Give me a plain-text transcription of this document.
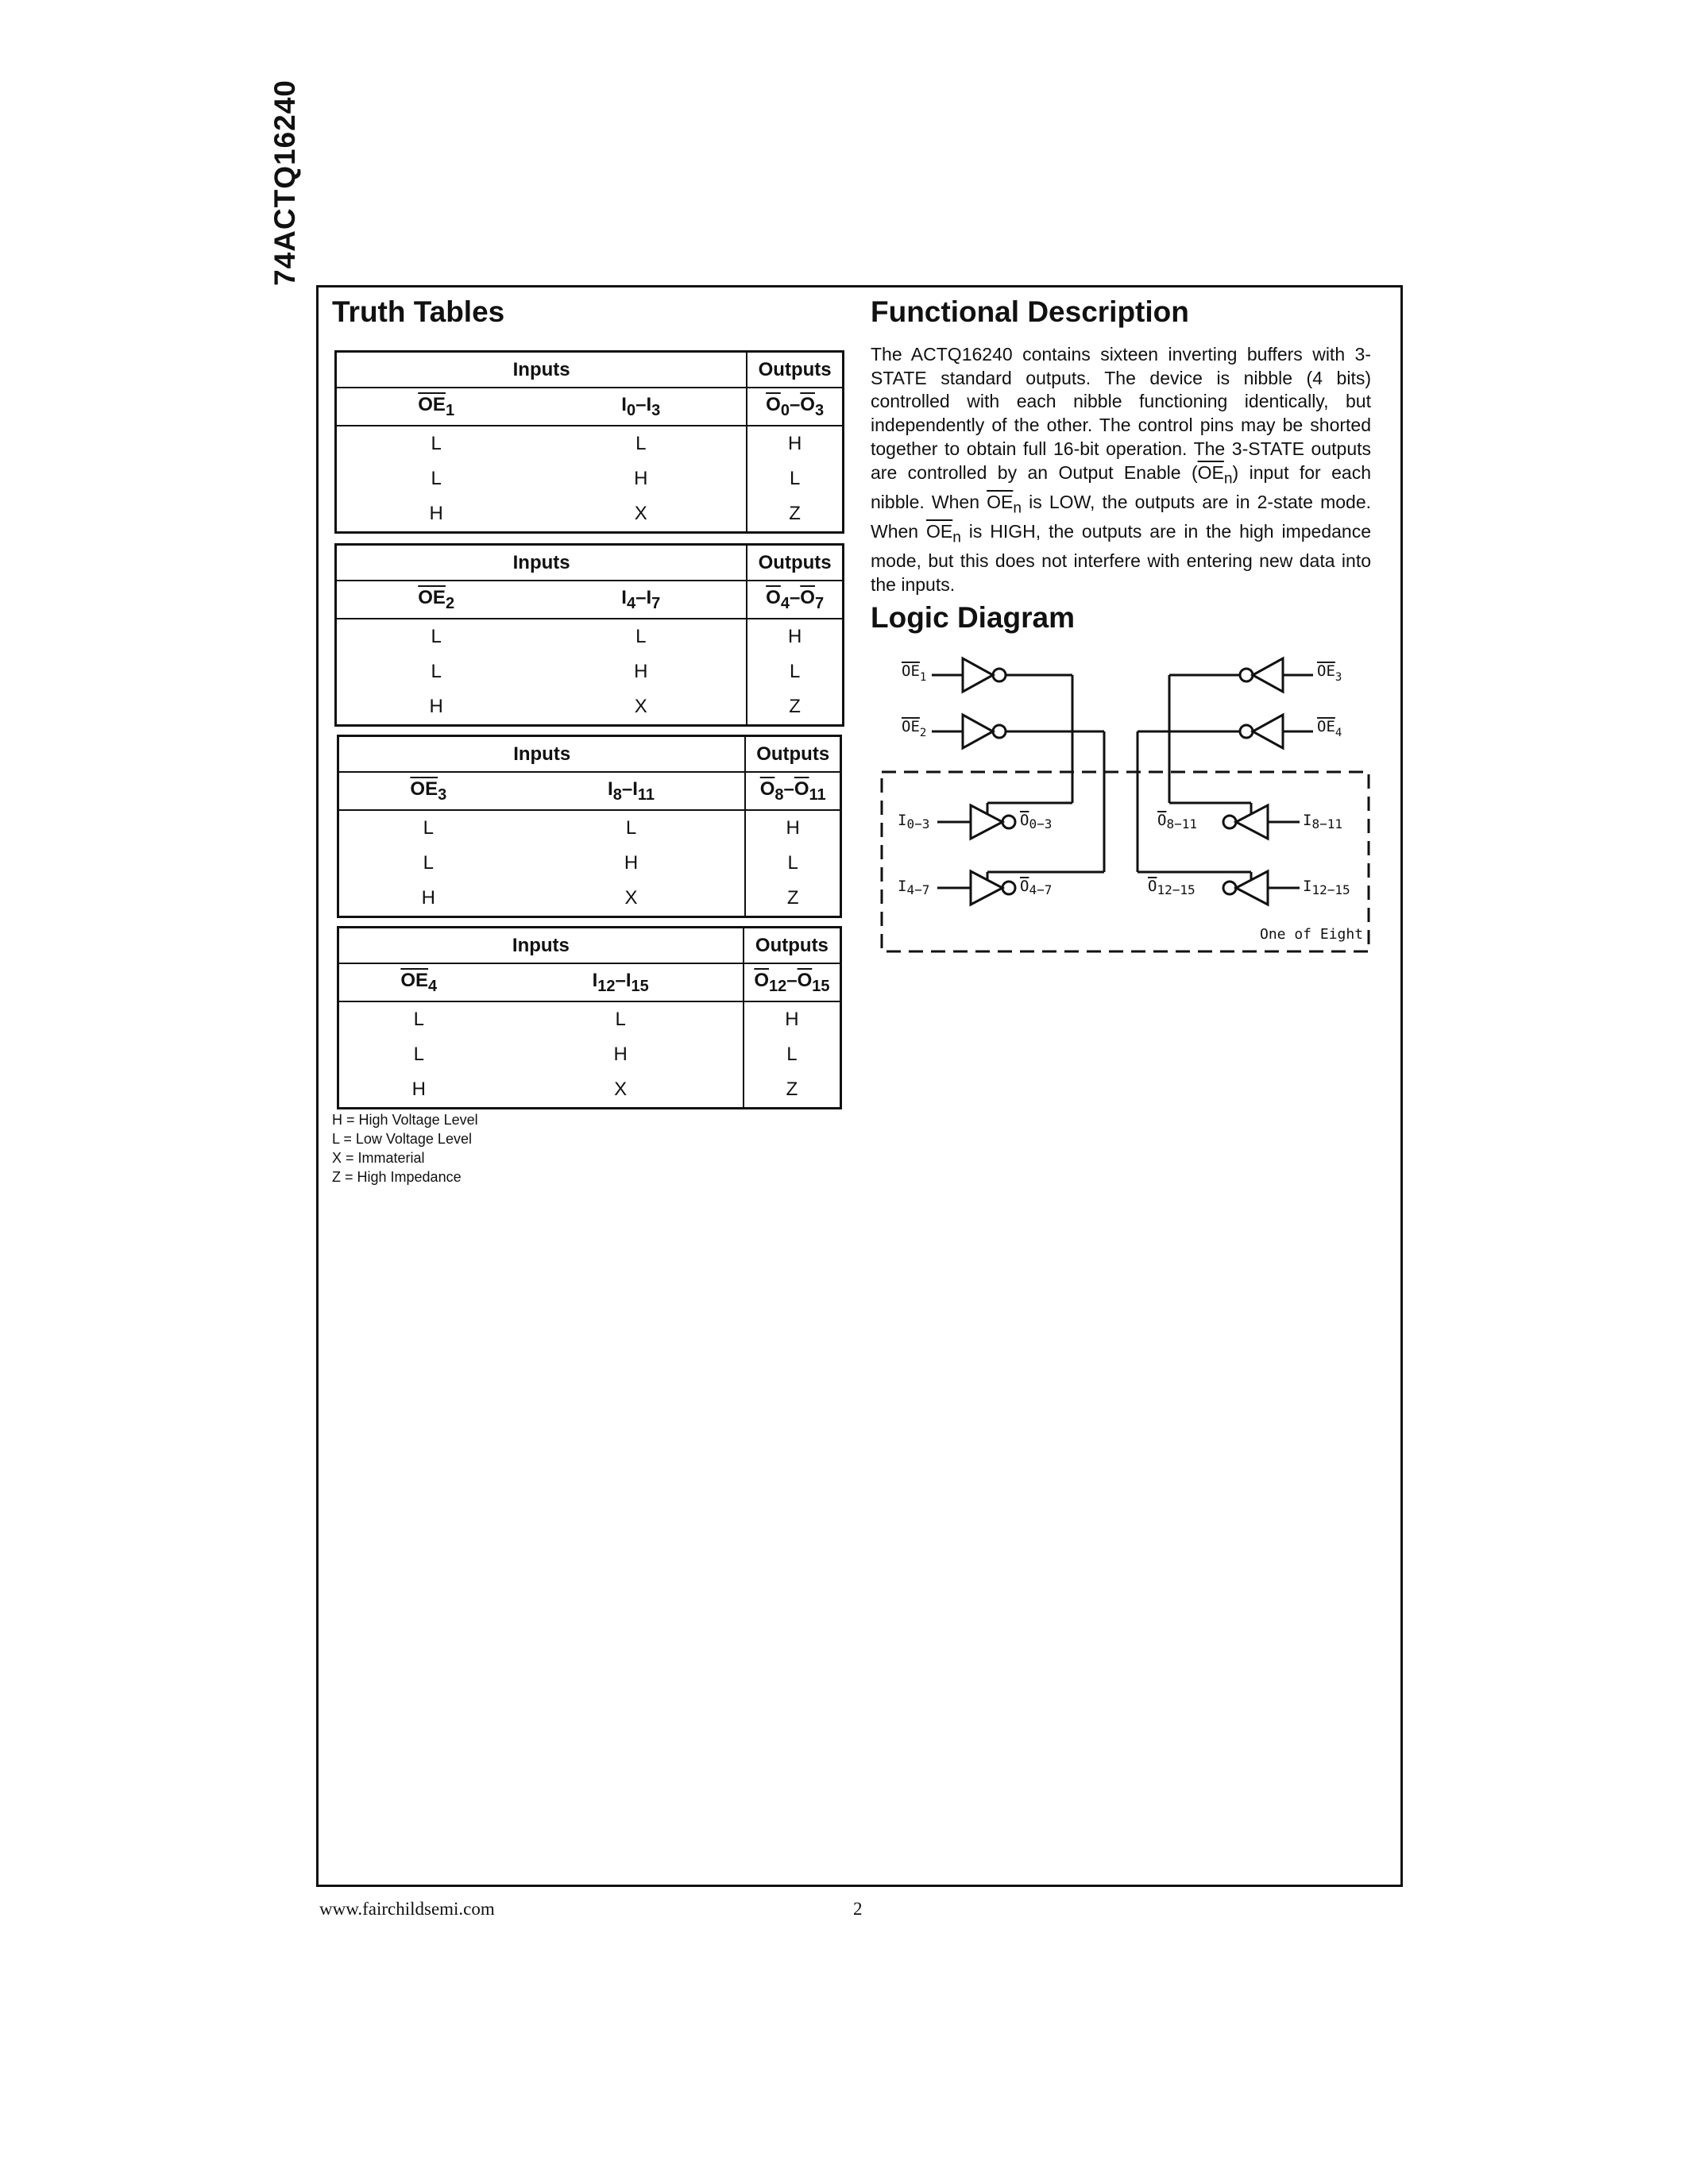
74ACTQ16240
Truth Tables
Inputs		Outputs
$\overline{OE}_1$	$I_0-I_3$	$\overline{O}_0-\overline{O}_3$
L	L	H
L	H	L
H	X	Z
Inputs		Outputs
$\overline{OE}_2$	$I_4-I_7$	$\overline{O}_4-\overline{O}_7$
L	L	H
L	H	L
H	X	Z
Inputs		Outputs
$\overline{OE}_3$	$I_8-I_{11}$	$\overline{O}_8-\overline{O}_{11}$
L	L	H
L	H	L
H	X	Z
Inputs		Outputs
$\overline{OE}_4$	$I_{12}-I_{15}$	$\overline{O}_{12}-\overline{O}_{15}$
L	L	H
L	H	L
H	X	Z
H = High Voltage Level
L = Low Voltage Level
X = Immaterial
Z = High Impedance
Functional Description

The ACTQ16240 contains sixteen inverting buffers with 3-STATE standard outputs. The device is nibble (4 bits) controlled with each nibble functioning identically, but independently of the other. The control pins may be shorted together to obtain full 16-bit operation. The 3-STATE outputs are controlled by an Output Enable $(\overline{OE}_n)$ input for each nibble. When $\overline{OE}_n$ is LOW, the outputs are in 2-state mode. When $\overline{OE}_n$ is HIGH, the outputs are in the high impedance mode, but this does not interfere with entering new data into the inputs.

Logic Diagram
$OE_1$
$OE_2$
$OE_3$
$OE_4$
$I_{0-3}$	$O_{0-3}$
$I_{4-7}$	$O_{4-7}$
$O_{8-11}$	$I_{8-11}$
$O_{12-15}$	$I_{12-15}$
One of Eight
www.fairchildsemi.com	2
